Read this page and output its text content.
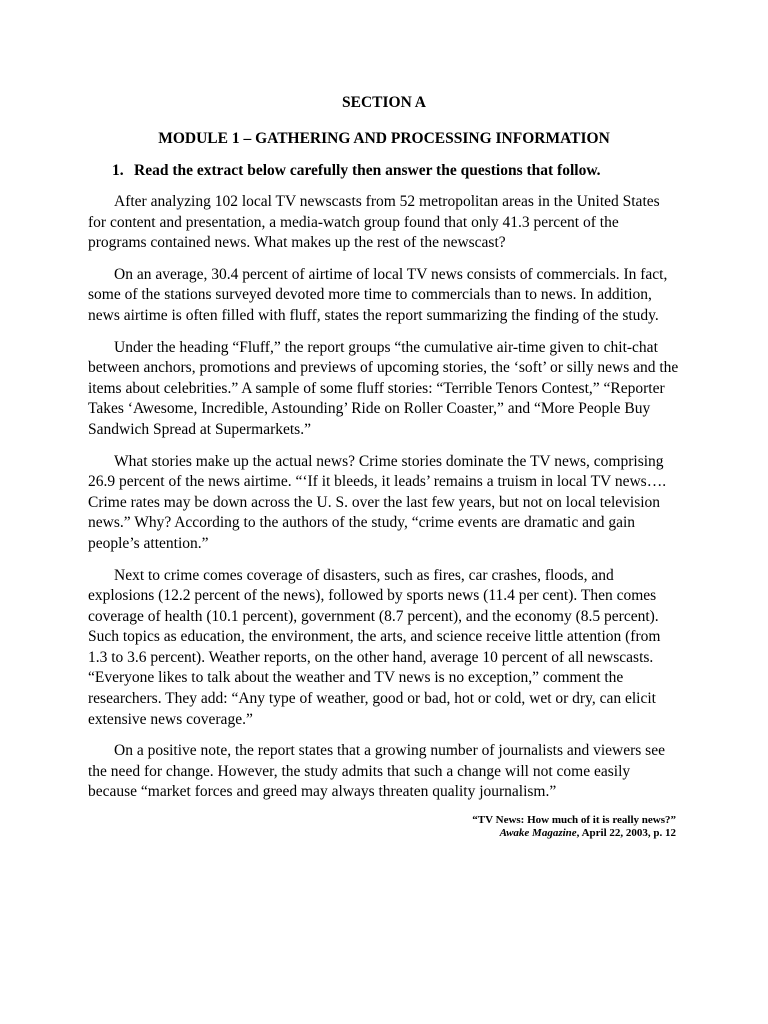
SECTION A
MODULE 1 – GATHERING AND PROCESSING INFORMATION
1. Read the extract below carefully then answer the questions that follow.

After analyzing 102 local TV newscasts from 52 metropolitan areas in the United States for content and presentation, a media-watch group found that only 41.3 percent of the programs contained news. What makes up the rest of the newscast?

On an average, 30.4 percent of airtime of local TV news consists of commercials. In fact, some of the stations surveyed devoted more time to commercials than to news. In addition, news airtime is often filled with fluff, states the report summarizing the finding of the study.

Under the heading “Fluff,” the report groups “the cumulative air-time given to chit-chat between anchors, promotions and previews of upcoming stories, the ‘soft’ or silly news and the items about celebrities.” A sample of some fluff stories: “Terrible Tenors Contest,” “Reporter Takes ‘Awesome, Incredible, Astounding’ Ride on Roller Coaster,” and “More People Buy Sandwich Spread at Supermarkets.”

What stories make up the actual news? Crime stories dominate the TV news, comprising 26.9 percent of the news airtime. “‘If it bleeds, it leads’ remains a truism in local TV news…. Crime rates may be down across the U. S. over the last few years, but not on local television news.” Why? According to the authors of the study, “crime events are dramatic and gain people’s attention.”

Next to crime comes coverage of disasters, such as fires, car crashes, floods, and explosions (12.2 percent of the news), followed by sports news (11.4 per cent). Then comes coverage of health (10.1 percent), government (8.7 percent), and the economy (8.5 percent). Such topics as education, the environment, the arts, and science receive little attention (from 1.3 to 3.6 percent). Weather reports, on the other hand, average 10 percent of all newscasts. “Everyone likes to talk about the weather and TV news is no exception,” comment the researchers. They add: “Any type of weather, good or bad, hot or cold, wet or dry, can elicit extensive news coverage.”

On a positive note, the report states that a growing number of journalists and viewers see the need for change. However, the study admits that such a change will not come easily because “market forces and greed may always threaten quality journalism.”

“TV News: How much of it is really news?”
Awake Magazine, April 22, 2003, p. 12
